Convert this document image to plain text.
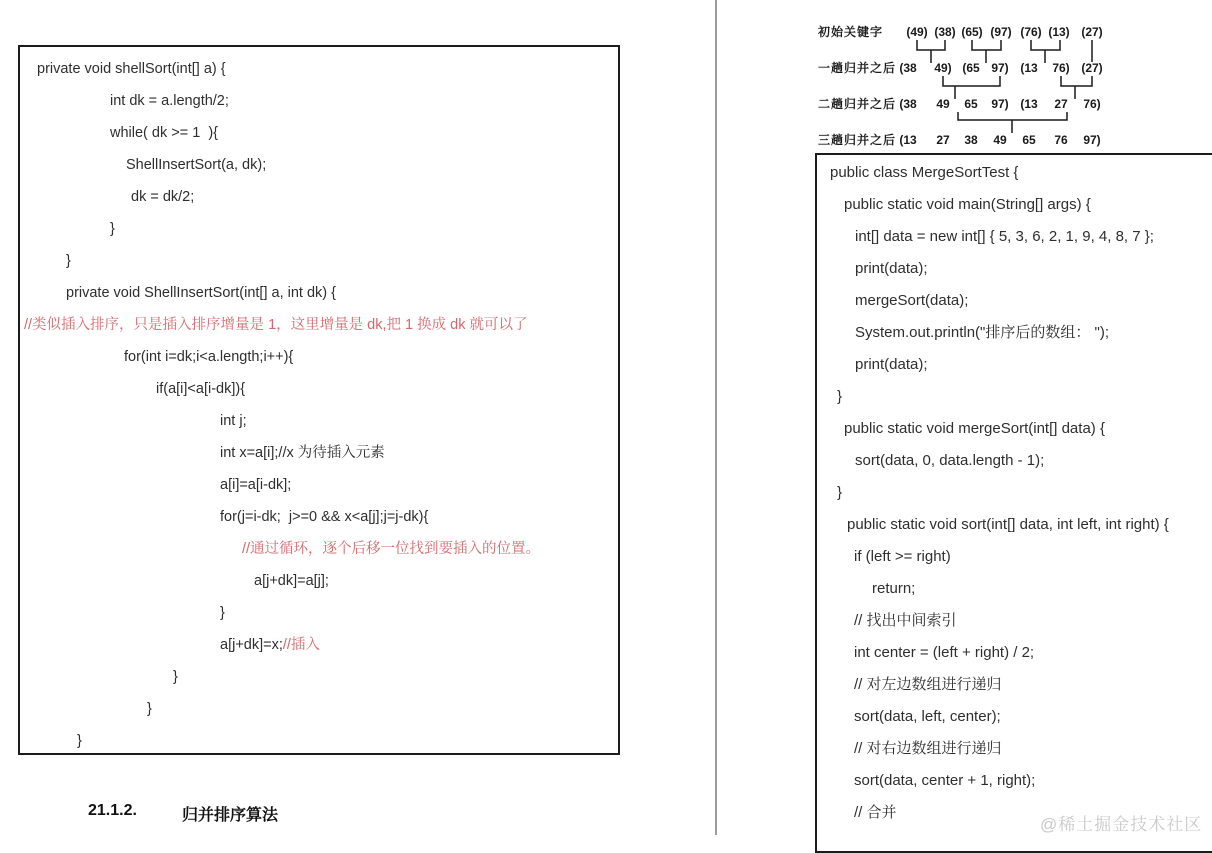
private void shellSort(int[] a) {
int dk = a.length/2;
while( dk >= 1  ){
ShellInsertSort(a, dk);
dk = dk/2;
}
}
private void ShellInsertSort(int[] a, int dk) {
//类似插入排序，只是插入排序增量是 1，这里增量是 dk,把 1 换成 dk 就可以了
for(int i=dk;i<a.length;i++){
if(a[i]<a[i-dk]){
int j;
int x=a[i];//x 为待插入元素
a[i]=a[i-dk];
for(j=i-dk;  j>=0 && x<a[j];j=j-dk){
//通过循环，逐个后移一位找到要插入的位置。
a[j+dk]=a[j];
}
a[j+dk]=x;//插入
}
}
}
21.1.2.	归并排序算法
初始关键字 (49) (38) (65) (97) (76) (13) (27)
一趟归并之后 (38 49) (65 97) (13 76) (27)
二趟归并之后 (38 49 65 97) (13 27 76)
三趟归并之后 (13 27 38 49 65 76 97)
public class MergeSortTest {
public static void main(String[] args) {
int[] data = new int[] { 5, 3, 6, 2, 1, 9, 4, 8, 7 };
print(data);
mergeSort(data);
System.out.println("排序后的数组： ");
print(data);
}
public static void mergeSort(int[] data) {
sort(data, 0, data.length - 1);
}
public static void sort(int[] data, int left, int right) {
if (left >= right)
return;
// 找出中间索引
int center = (left + right) / 2;
// 对左边数组进行递归
sort(data, left, center);
// 对右边数组进行递归
sort(data, center + 1, right);
// 合并
@稀土掘金技术社区
